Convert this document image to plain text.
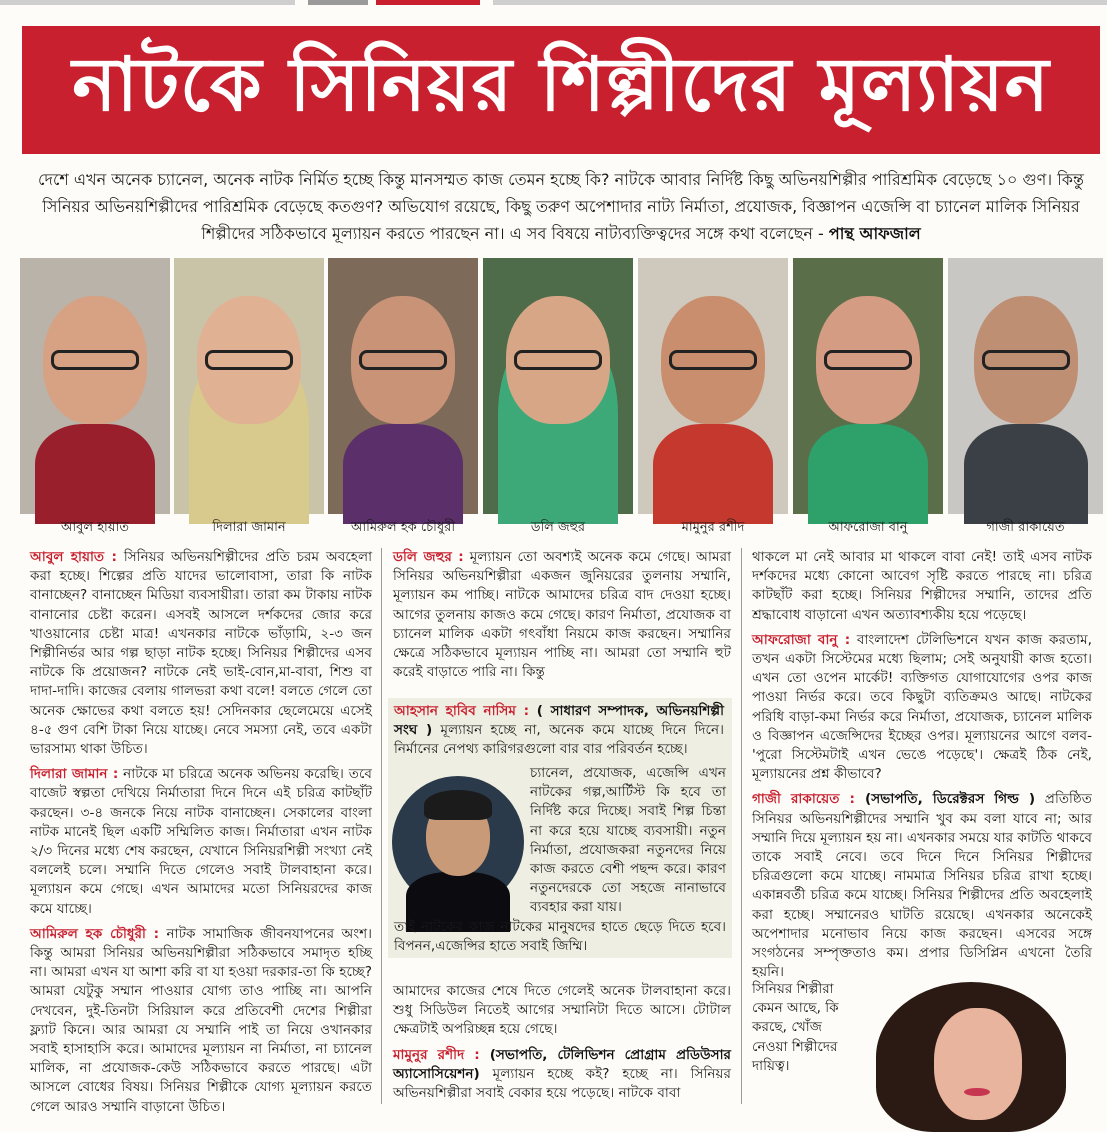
নাটকে সিনিয়র শিল্পীদের মূল্যায়ন
দেশে এখন অনেক চ্যানেল, অনেক নাটক নির্মিত হচ্ছে কিন্তু মানসম্মত কাজ তেমন হচ্ছে কি? নাটকে আবার নির্দিষ্ট কিছু অভিনয়শিল্পীর পারিশ্রমিক বেড়েছে ১০ গুণ। কিন্তু সিনিয়র অভিনয়শিল্পীদের পারিশ্রমিক বেড়েছে কতগুণ? অভিযোগ রয়েছে, কিছু তরুণ অপেশাদার নাট্য নির্মাতা, প্রযোজক, বিজ্ঞাপন এজেন্সি বা চ্যানেল মালিক সিনিয়র শিল্পীদের সঠিকভাবে মূল্যায়ন করতে পারছেন না। এ সব বিষয়ে নাট্যব্যক্তিত্বদের সঙ্গে কথা বলেছেন - পান্থ আফজাল
আবুল হায়াত	দিলারা জামান	আমিরুল হক চৌধুরী	ডলি জহুর	মামুনুর রশীদ	আফরোজা বানু	গাজী রাকায়েত

আবুল হায়াত : সিনিয়র অভিনয়শিল্পীদের প্রতি চরম অবহেলা করা হচ্ছে। শিল্পের প্রতি যাদের ভালোবাসা, তারা কি নাটক বানাচ্ছেন? বানাচ্ছেন মিডিয়া ব্যবসায়ীরা। তারা কম টাকায় নাটক বানানোর চেষ্টা করেন। এসবই আসলে দর্শকদের জোর করে খাওয়ানোর চেষ্টা মাত্র! এখনকার নাটকে ভাঁড়ামি, ২-৩ জন শিল্পীনির্ভর আর গল্প ছাড়া নাটক হচ্ছে। সিনিয়র শিল্পীদের এসব নাটকে কি প্রয়োজন? নাটকে নেই ভাই-বোন,মা-বাবা, শিশু বা দাদা-দাদি। কাজের বেলায় গালভরা কথা বলে! বলতে গেলে তো অনেক ক্ষোভের কথা বলতে হয়! সেদিনকার ছেলেমেয়ে এসেই ৪-৫ গুণ বেশি টাকা নিয়ে যাচ্ছে। নেবে সমস্যা নেই, তবে একটা ভারসাম্য থাকা উচিত।

দিলারা জামান : নাটকে মা চরিত্রে অনেক অভিনয় করেছি। তবে বাজেট স্বল্পতা দেখিয়ে নির্মাতারা দিনে দিনে এই চরিত্র কাটছাঁট করছেন। ৩-৪ জনকে নিয়ে নাটক বানাচ্ছেন। সেকালের বাংলা নাটক মানেই ছিল একটি সম্মিলিত কাজ। নির্মাতারা এখন নাটক ২/৩ দিনের মধ্যে শেষ করছেন, যেখানে সিনিয়রশিল্পী সংখ্যা নেই বললেই চলে। সম্মানি দিতে গেলেও সবাই টালবাহানা করে। মূল্যায়ন কমে গেছে। এখন আমাদের মতো সিনিয়রদের কাজ কমে যাচ্ছে।

আমিরুল হক চৌধুরী : নাটক সামাজিক জীবনযাপনের অংশ। কিন্তু আমরা সিনিয়র অভিনয়শিল্পীরা সঠিকভাবে সমাদৃত হচ্ছি না। আমরা এখন যা আশা করি বা যা হওয়া দরকার-তা কি হচ্ছে? আমরা যেটুকু সম্মান পাওয়ার যোগ্য তাও পাচ্ছি না। আপনি দেখবেন, দুই-তিনটা সিরিয়াল করে প্রতিবেশী দেশের শিল্পীরা ফ্ল্যাট কিনে। আর আমরা যে সম্মানি পাই তা নিয়ে ওখানকার সবাই হাসাহাসি করে। আমাদের মূল্যায়ন না নির্মাতা, না চ্যানেল মালিক, না প্রযোজক-কেউ সঠিকভাবে করতে পারছে। এটা আসলে বোধের বিষয়। সিনিয়র শিল্পীকে যোগ্য মূল্যায়ন করতে গেলে আরও সম্মানি বাড়ানো উচিত।

ডলি জহুর : মূল্যায়ন তো অবশ্যই অনেক কমে গেছে। আমরা সিনিয়র অভিনয়শিল্পীরা একজন জুনিয়রের তুলনায় সম্মানি, মূল্যায়ন কম পাচ্ছি। নাটকে আমাদের চরিত্র বাদ দেওয়া হচ্ছে। আগের তুলনায় কাজও কমে গেছে। কারণ নির্মাতা, প্রযোজক বা চ্যানেল মালিক একটা গৎবাঁধা নিয়মে কাজ করছেন। সম্মানির ক্ষেত্রে সঠিকভাবে মূল্যায়ন পাচ্ছি না। আমরা তো সম্মানি হুট করেই বাড়াতে পারি না। কিন্তু
আহসান হাবিব নাসিম : ( সাধারণ সম্পাদক, অভিনয়শিল্পী সংঘ ) মূল্যায়ন হচ্ছে না, অনেক কমে যাচ্ছে দিনে দিনে। নির্মানের নেপথ্য কারিগরগুলো বার বার পরিবর্তন হচ্ছে।
চ্যানেল, প্রযোজক, এজেন্সি এখন নাটকের গল্প,আর্টিস্ট কি হবে তা নির্দিষ্ট করে দিচ্ছে। সবাই শিল্প চিন্তা না করে হয়ে যাচ্ছে ব্যবসায়ী। নতুন নির্মাতা, প্রযোজকরা নতুনদের নিয়ে কাজ করতে বেশী পছন্দ করে। কারণ নতুনদেরকে তো সহজে নানাভাবে ব্যবহার করা যায়।
তাই নাটকের কাজ নাটকের মানুষদের হাতে ছেড়ে দিতে হবে। বিপনন,এজেন্সির হাতে সবাই জিম্মি।

আমাদের কাজের শেষে দিতে গেলেই অনেক টালবাহানা করে। শুধু সিডিউল নিতেই আগের সম্মানিটা দিতে আসে। টোটাল ক্ষেত্রটাই অপরিচ্ছন্ন হয়ে গেছে।

মামুনুর রশীদ : (সভাপতি, টেলিভিশন প্রোগ্রাম প্রডিউসার অ্যাসোসিয়েশন) মূল্যায়ন হচ্ছে কই? হচ্ছে না। সিনিয়র অভিনয়শিল্পীরা সবাই বেকার হয়ে পড়েছে। নাটকে বাবা

থাকলে মা নেই আবার মা থাকলে বাবা নেই! তাই এসব নাটক দর্শকদের মধ্যে কোনো আবেগ সৃষ্টি করতে পারছে না। চরিত্র কাটছাঁট করা হচ্ছে। সিনিয়র শিল্পীদের সম্মানি, তাদের প্রতি শ্রদ্ধাবোধ বাড়ানো এখন অত্যাবশ্যকীয় হয়ে পড়েছে।

আফরোজা বানু : বাংলাদেশ টেলিভিশনে যখন কাজ করতাম, তখন একটা সিস্টেমের মধ্যে ছিলাম; সেই অনুযায়ী কাজ হতো। এখন তো ওপেন মার্কেট! ব্যক্তিগত যোগাযোগের ওপর কাজ পাওয়া নির্ভর করে। তবে কিছুটা ব্যতিক্রমও আছে। নাটকের পরিধি বাড়া-কমা নির্ভর করে নির্মাতা, প্রযোজক, চ্যানেল মালিক ও বিজ্ঞাপন এজেন্সিদের ইচ্ছের ওপর। মূল্যায়নের আগে বলব-'পুরো সিস্টেমটাই এখন ভেঙে পড়েছে'। ক্ষেত্রই ঠিক নেই, মূল্যায়নের প্রশ্ন কীভাবে?

গাজী রাকায়েত : (সভাপতি, ডিরেক্টরস গিল্ড ) প্রতিষ্ঠিত সিনিয়র অভিনয়শিল্পীদের সম্মানি খুব কম বলা যাবে না; আর সম্মানি দিয়ে মূল্যায়ন হয় না। এখনকার সময়ে যার কাটতি থাকবে তাকে সবাই নেবে। তবে দিনে দিনে সিনিয়র শিল্পীদের চরিত্রগুলো কমে যাচ্ছে। নামমাত্র সিনিয়র চরিত্র রাখা হচ্ছে। একান্নবর্তী চরিত্র কমে যাচ্ছে। সিনিয়র শিল্পীদের প্রতি অবহেলাই করা হচ্ছে। সম্মানেরও ঘাটতি রয়েছে। এখনকার অনেকেই অপেশাদার মনোভাব নিয়ে কাজ করছেন। এসবের সঙ্গে সংগঠনের সম্পৃক্ততাও কম। প্রপার ডিসিপ্লিন এখনো তৈরি হয়নি।

সিনিয়র শিল্পীরা কেমন আছে, কি করছে, খোঁজ নেওয়া শিল্পীদের দায়িত্ব।
